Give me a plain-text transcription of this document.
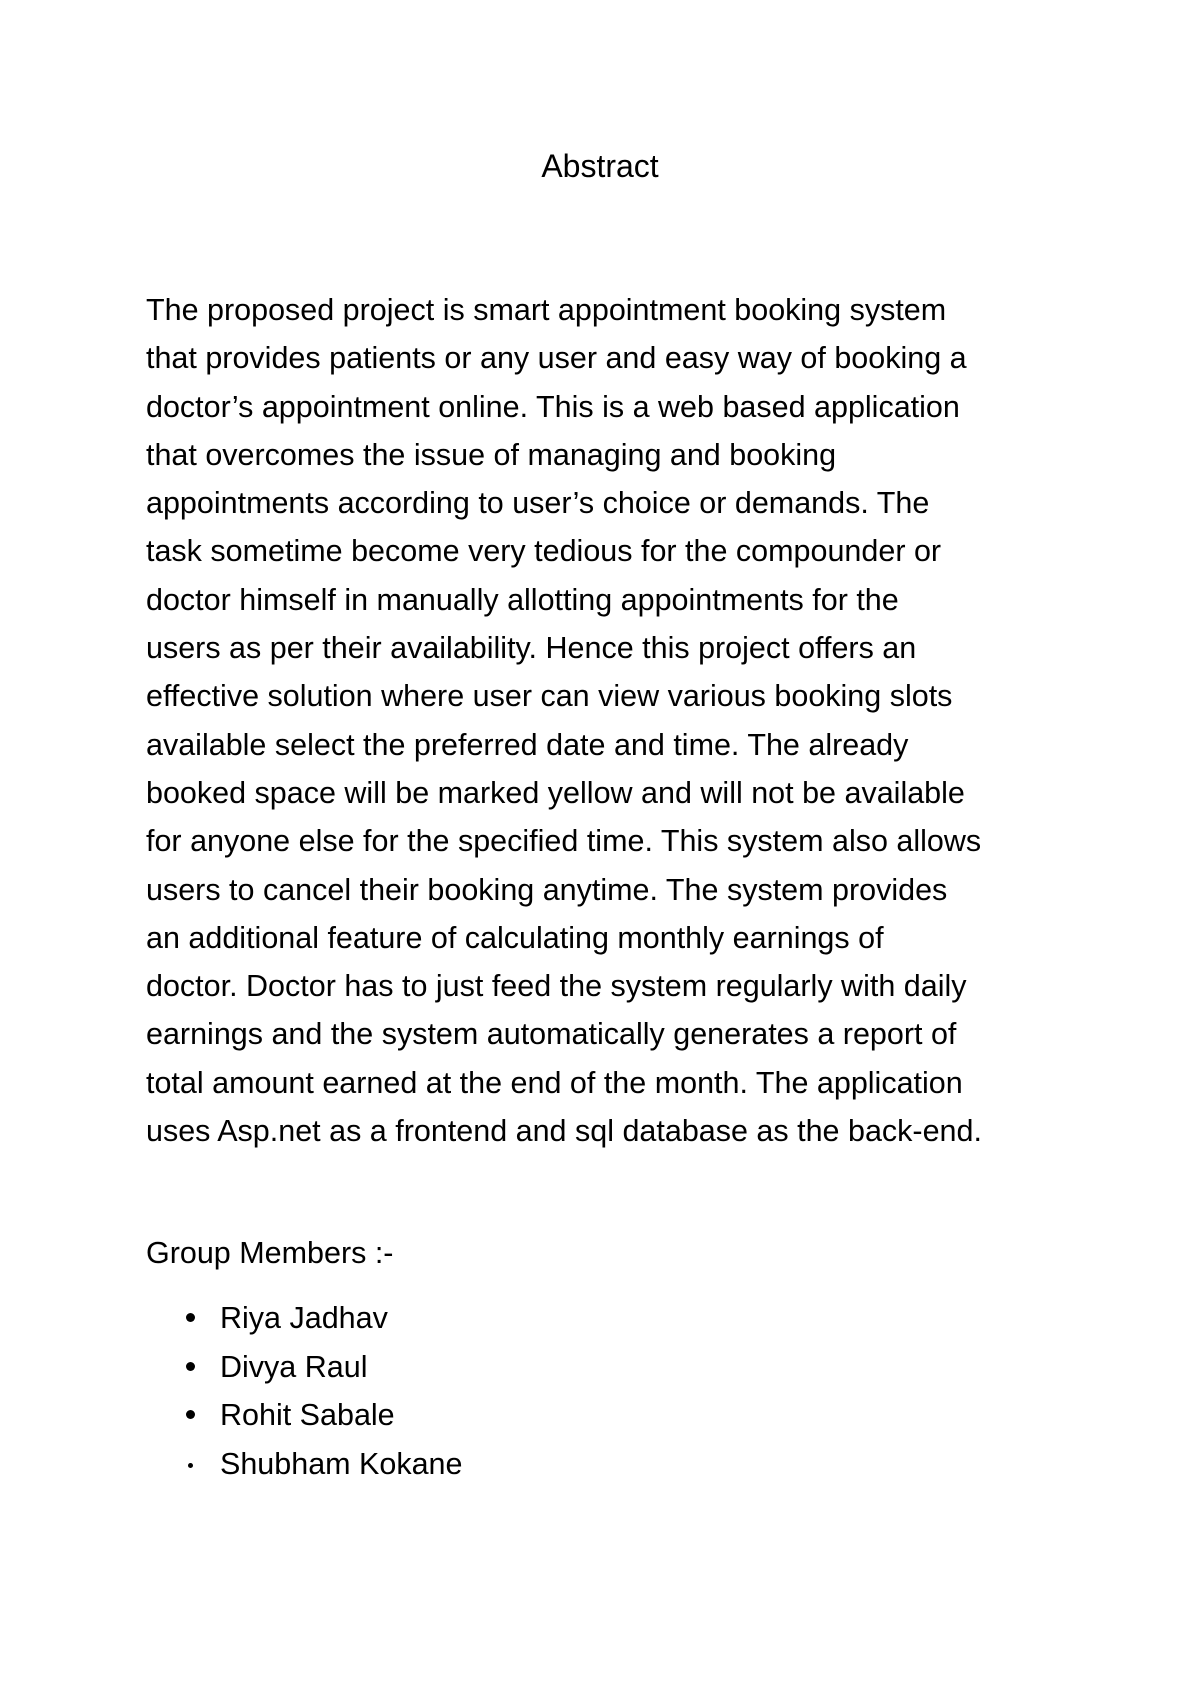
Abstract
The proposed project is smart appointment booking system
that provides patients or any user and easy way of booking a
doctor’s appointment online. This is a web based application
that overcomes the issue of managing and booking
appointments according to user’s choice or demands. The
task sometime become very tedious for the compounder or
doctor himself in manually allotting appointments for the
users as per their availability. Hence this project offers an
effective solution where user can view various booking slots
available select the preferred date and time. The already
booked space will be marked yellow and will not be available
for anyone else for the specified time. This system also allows
users to cancel their booking anytime. The system provides
an additional feature of calculating monthly earnings of
doctor. Doctor has to just feed the system regularly with daily
earnings and the system automatically generates a report of
total amount earned at the end of the month. The application
uses Asp.net as a frontend and sql database as the back-end.
Group Members :-
Riya Jadhav
Divya Raul
Rohit Sabale
Shubham Kokane
